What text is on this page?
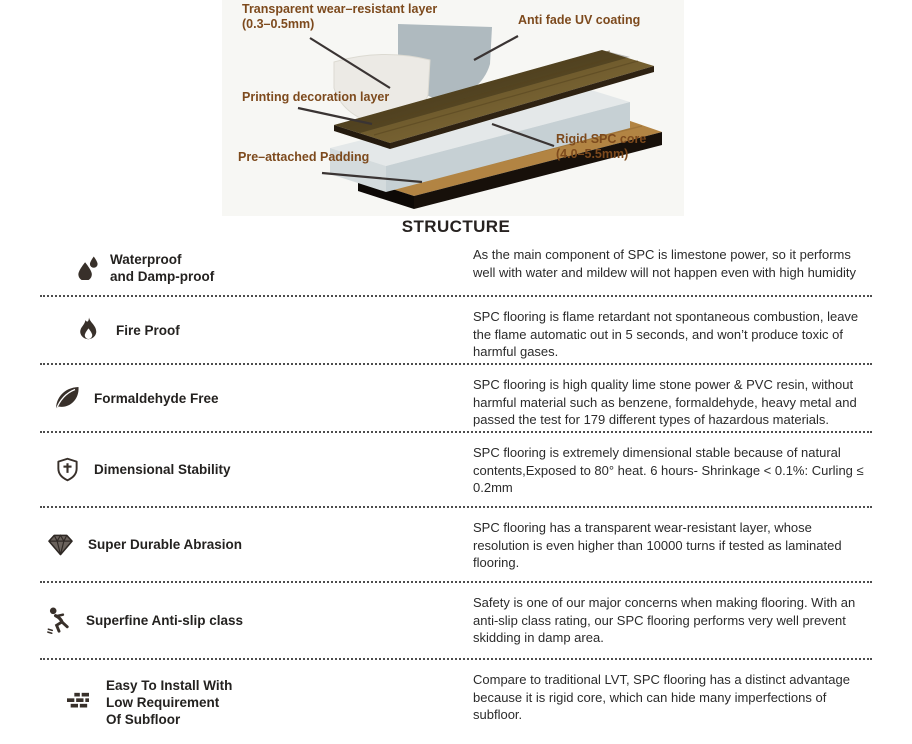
Transparent wear–resistant layer
(0.3–0.5mm)	Anti fade UV coating
Printing decoration layer
Pre–attached Padding
Rigid SPC core
(4.0–5.5mm)
STRUCTURE
Waterproof
and Damp-proof
As the main component of SPC is limestone power, so it performs well with water and mildew will not happen even with high humidity
Fire Proof
SPC flooring is flame retardant not spontaneous combustion, leave the flame automatic out in 5 seconds, and won’t produce toxic of harmful gases.
Formaldehyde Free
SPC flooring is high quality lime stone power & PVC resin, without harmful material such as benzene, formaldehyde, heavy metal and passed the test for 179 different types of hazardous materials.
Dimensional Stability
SPC flooring is extremely dimensional stable because of natural contents,Exposed to 80° heat. 6 hours- Shrinkage < 0.1%: Curling ≤ 0.2mm
Super Durable Abrasion
SPC flooring has a transparent wear-resistant layer, whose resolution is even higher than 10000 turns if tested as laminated flooring.
Superfine Anti-slip class
Safety is one of our major concerns when making flooring. With an anti-slip class rating, our SPC flooring performs very well prevent skidding in damp area.
Easy To Install With
Low Requirement
Of Subfloor
Compare to traditional LVT, SPC flooring has a distinct advantage because it is rigid core, which can hide many imperfections of subfloor.
